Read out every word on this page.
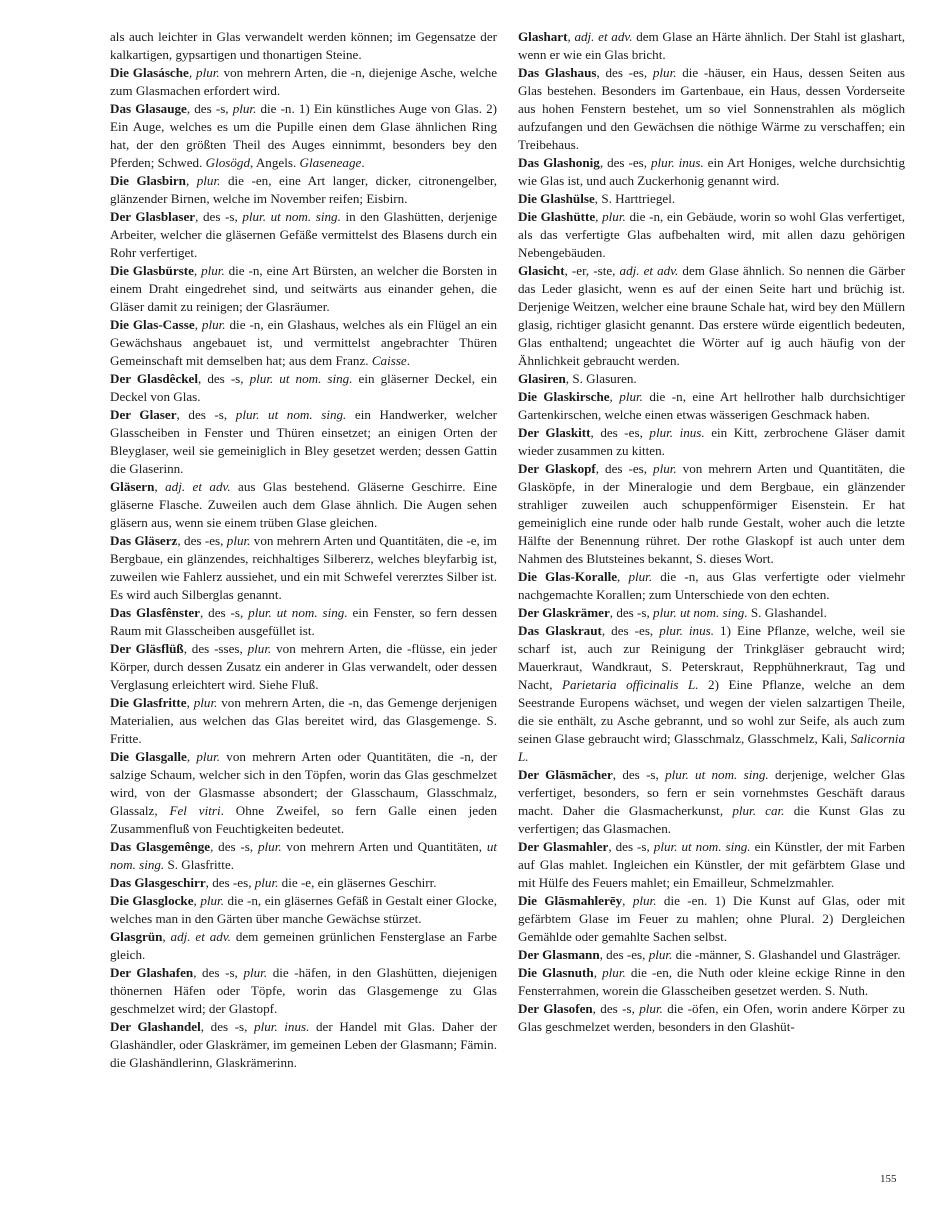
als auch leichter in Glas verwandelt werden können; im Gegensatze der kalkartigen, gypsartigen und thonartigen Steine.

Die Glasásche, plur. von mehrern Arten, die -n, diejenige Asche, welche zum Glasmachen erfordert wird.

Das Glasauge, des -s, plur. die -n. 1) Ein künstliches Auge von Glas. 2) Ein Auge, welches es um die Pupille einen dem Glase ähnlichen Ring hat, der den größten Theil des Auges einnimmt, besonders bey den Pferden; Schwed. Glosögd, Angels. Glaseneage.

Die Glasbirn, plur. die -en, eine Art langer, dicker, citronengelber, glänzender Birnen, welche im November reifen; Eisbirn.

Der Glasblaser, des -s, plur. ut nom. sing. in den Glashütten, derjenige Arbeiter, welcher die gläsernen Gefäße vermittelst des Blasens durch ein Rohr verfertiget.

Die Glasbürste, plur. die -n, eine Art Bürsten, an welcher die Borsten in einem Draht eingedrehet sind, und seitwärts aus einander gehen, die Gläser damit zu reinigen; der Glasräumer.

Die Glas-Casse, plur. die -n, ein Glashaus, welches als ein Flügel an ein Gewächshaus angebauet ist, und vermittelst angebrachter Thüren Gemeinschaft mit demselben hat; aus dem Franz. Caisse.

Der Glasdêckel, des -s, plur. ut nom. sing. ein gläserner Deckel, ein Deckel von Glas.

Der Glaser, des -s, plur. ut nom. sing. ein Handwerker, welcher Glasscheiben in Fenster und Thüren einsetzet; an einigen Orten der Bleyglaser, weil sie gemeiniglich in Bley gesetzet werden; dessen Gattin die Glaserinn.

Gläsern, adj. et adv. aus Glas bestehend. Gläserne Geschirre. Eine gläserne Flasche. Zuweilen auch dem Glase ähnlich. Die Augen sehen gläsern aus, wenn sie einem trüben Glase gleichen.

Das Gläserz, des -es, plur. von mehrern Arten und Quantitäten, die -e, im Bergbaue, ein glänzendes, reichhaltiges Silbererz, welches bleyfarbig ist, zuweilen wie Fahlerz aussiehet, und ein mit Schwefel vererztes Silber ist. Es wird auch Silberglas genannt.

Das Glasfênster, des -s, plur. ut nom. sing. ein Fenster, so fern dessen Raum mit Glasscheiben ausgefüllet ist.

Der Gläsflüß, des -sses, plur. von mehrern Arten, die -flüsse, ein jeder Körper, durch dessen Zusatz ein anderer in Glas verwandelt, oder dessen Verglasung erleichtert wird. Siehe Fluß.

Die Glasfritte, plur. von mehrern Arten, die -n, das Gemenge derjenigen Materialien, aus welchen das Glas bereitet wird, das Glasgemenge. S. Fritte.

Die Glasgalle, plur. von mehrern Arten oder Quantitäten, die -n, der salzige Schaum, welcher sich in den Töpfen, worin das Glas geschmelzet wird, von der Glasmasse absondert; der Glasschaum, Glasschmalz, Glassalz, Fel vitri. Ohne Zweifel, so fern Galle einen jeden Zusammenfluß von Feuchtigkeiten bedeutet.

Das Glasgemênge, des -s, plur. von mehrern Arten und Quantitäten, ut nom. sing. S. Glasfritte.

Das Glasgeschirr, des -es, plur. die -e, ein gläsernes Geschirr.

Die Glasglocke, plur. die -n, ein gläsernes Gefäß in Gestalt einer Glocke, welches man in den Gärten über manche Gewächse stürzet.

Glasgrün, adj. et adv. dem gemeinen grünlichen Fensterglase an Farbe gleich.

Der Glashafen, des -s, plur. die -häfen, in den Glashütten, diejenigen thönernen Häfen oder Töpfe, worin das Glasgemenge zu Glas geschmelzet wird; der Glastopf.

Der Glashandel, des -s, plur. inus. der Handel mit Glas. Daher der Glashändler, oder Glaskrämer, im gemeinen Leben der Glasmann; Fämin. die Glashändlerinn, Glaskrämerinn.

Glashart, adj. et adv. dem Glase an Härte ähnlich. Der Stahl ist glashart, wenn er wie ein Glas bricht.

Das Glashaus, des -es, plur. die -häuser, ein Haus, dessen Seiten aus Glas bestehen. Besonders im Gartenbaue, ein Haus, dessen Vorderseite aus hohen Fenstern bestehet, um so viel Sonnenstrahlen als möglich aufzufangen und den Gewächsen die nöthige Wärme zu verschaffen; ein Treibehaus.

Das Glashonig, des -es, plur. inus. ein Art Honiges, welche durchsichtig wie Glas ist, und auch Zuckerhonig genannt wird.

Die Glashülse, S. Harttriegel.

Die Glashütte, plur. die -n, ein Gebäude, worin so wohl Glas verfertiget, als das verfertigte Glas aufbehalten wird, mit allen dazu gehörigen Nebengebäuden.

Glasicht, -er, -ste, adj. et adv. dem Glase ähnlich. So nennen die Gärber das Leder glasicht, wenn es auf der einen Seite hart und brüchig ist. Derjenige Weitzen, welcher eine braune Schale hat, wird bey den Müllern glasig, richtiger glasicht genannt. Das erstere würde eigentlich bedeuten, Glas enthaltend; ungeachtet die Wörter auf ig auch häufig von der Ähnlichkeit gebraucht werden.

Glasiren, S. Glasuren.

Die Glaskirsche, plur. die -n, eine Art hellrother halb durchsichtiger Gartenkirschen, welche einen etwas wässerigen Geschmack haben.

Der Glaskitt, des -es, plur. inus. ein Kitt, zerbrochene Gläser damit wieder zusammen zu kitten.

Der Glaskopf, des -es, plur. von mehrern Arten und Quantitäten, die Glasköpfe, in der Mineralogie und dem Bergbaue, ein glänzender strahliger zuweilen auch schuppenförmiger Eisenstein. Er hat gemeiniglich eine runde oder halb runde Gestalt, woher auch die letzte Hälfte der Benennung rühret. Der rothe Glaskopf ist auch unter dem Nahmen des Blutsteines bekannt, S. dieses Wort.

Die Glas-Koralle, plur. die -n, aus Glas verfertigte oder vielmehr nachgemachte Korallen; zum Unterschiede von den echten.

Der Glaskrämer, des -s, plur. ut nom. sing. S. Glashandel.

Das Glaskraut, des -es, plur. inus. 1) Eine Pflanze, welche, weil sie scharf ist, auch zur Reinigung der Trinkgläser gebraucht wird; Mauerkraut, Wandkraut, S. Peterskraut, Repphühnerkraut, Tag und Nacht, Parietaria officinalis L. 2) Eine Pflanze, welche an dem Seestrande Europens wächset, und wegen der vielen salzartigen Theile, die sie enthält, zu Asche gebrannt, und so wohl zur Seife, als auch zum seinen Glase gebraucht wird; Glasschmalz, Glasschmelz, Kali, Salicornia L.

Der Glāsmācher, des -s, plur. ut nom. sing. derjenige, welcher Glas verfertiget, besonders, so fern er sein vornehmstes Geschäft daraus macht. Daher die Glasmacherkunst, plur. car. die Kunst Glas zu verfertigen; das Glasmachen.

Der Glasmahler, des -s, plur. ut nom. sing. ein Künstler, der mit Farben auf Glas mahlet. Ingleichen ein Künstler, der mit gefärbtem Glase und mit Hülfe des Feuers mahlet; ein Emailleur, Schmelzmahler.

Die Glāsmahlerēy, plur. die -en. 1) Die Kunst auf Glas, oder mit gefärbtem Glase im Feuer zu mahlen; ohne Plural. 2) Dergleichen Gemählde oder gemahlte Sachen selbst.

Der Glasmann, des -es, plur. die -männer, S. Glashandel und Glasträger.

Die Glasnuth, plur. die -en, die Nuth oder kleine eckige Rinne in den Fensterrahmen, worein die Glasscheiben gesetzet werden. S. Nuth.

Der Glasofen, des -s, plur. die -öfen, ein Ofen, worin andere Körper zu Glas geschmelzet werden, besonders in den Glashüt-

155
